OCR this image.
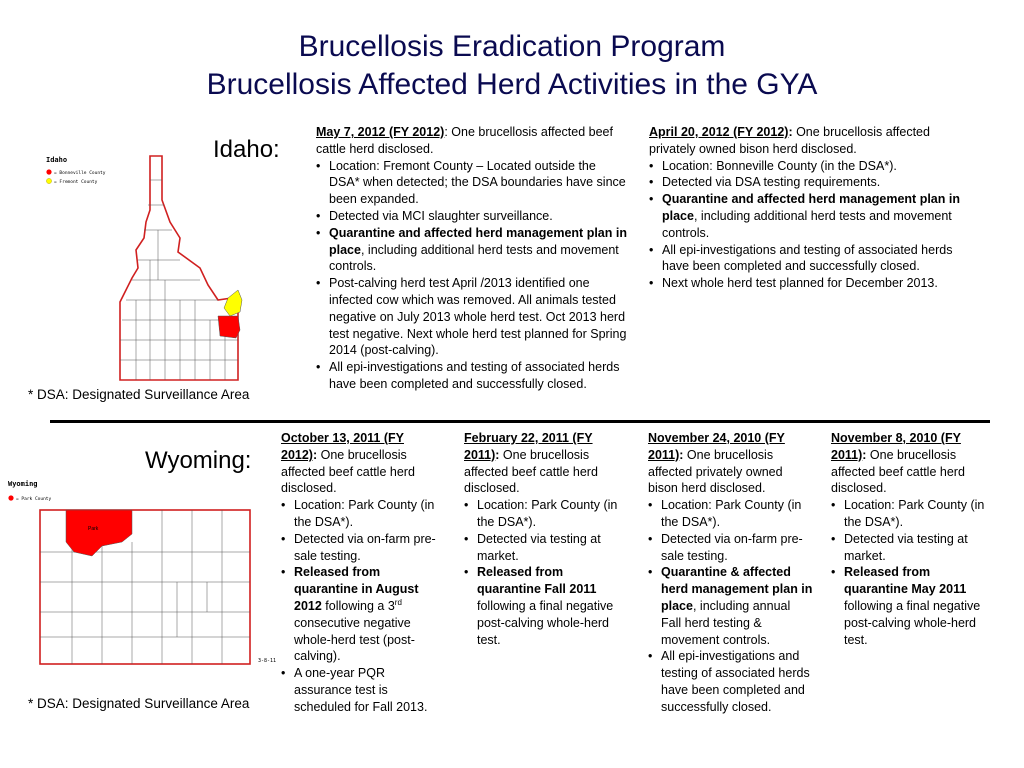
Brucellosis Eradication Program
Brucellosis Affected Herd Activities in the GYA
Idaho:
Idaho
= Bonneville County
= Fremont County
* DSA: Designated Surveillance Area

May 7, 2012 (FY 2012): One brucellosis affected beef cattle herd disclosed.

• Location: Fremont County – Located outside the DSA* when detected; the DSA boundaries have since been expanded.
• Detected via MCI slaughter surveillance.
• Quarantine and affected herd management plan in place, including additional herd tests and movement controls.
• Post-calving herd test April /2013 identified one infected cow which was removed. All animals tested negative on July 2013 whole herd test. Oct 2013 herd test negative. Next whole herd test planned for Spring 2014 (post-calving).
• All epi-investigations and testing of associated herds have been completed and successfully closed.

April 20, 2012 (FY 2012): One brucellosis affected privately owned bison herd disclosed.

• Location: Bonneville County (in the DSA*).
• Detected via DSA testing requirements.
• Quarantine and affected herd management plan in place, including additional herd tests and movement controls.
• All epi-investigations and testing of associated herds have been completed and successfully closed.
• Next whole herd test planned for December 2013.
Wyoming:
Wyoming
= Park County
Park
3-8-11
* DSA: Designated Surveillance Area

October 13, 2011 (FY 2012): One brucellosis affected beef cattle herd disclosed.

• Location: Park County (in the DSA*).
• Detected via on-farm pre-sale testing.
• Released from quarantine in August 2012 following a 3rd consecutive negative whole-herd test (post-calving).
• A one-year PQR assurance test is scheduled for Fall 2013.

February 22, 2011 (FY 2011): One brucellosis affected beef cattle herd disclosed.

• Location: Park County (in the DSA*).
• Detected via testing at market.
• Released from quarantine Fall 2011 following a final negative post-calving whole-herd test.

November 24, 2010 (FY 2011): One brucellosis affected privately owned bison herd disclosed.

• Location: Park County (in the DSA*).
• Detected via on-farm pre-sale testing.
• Quarantine & affected herd management plan in place, including annual Fall herd testing & movement controls.
• All epi-investigations and testing of associated herds have been completed and successfully closed.

November 8, 2010 (FY 2011): One brucellosis affected beef cattle herd disclosed.

• Location: Park County (in the DSA*).
• Detected via testing at market.
• Released from quarantine May 2011 following a final negative post-calving whole-herd test.
